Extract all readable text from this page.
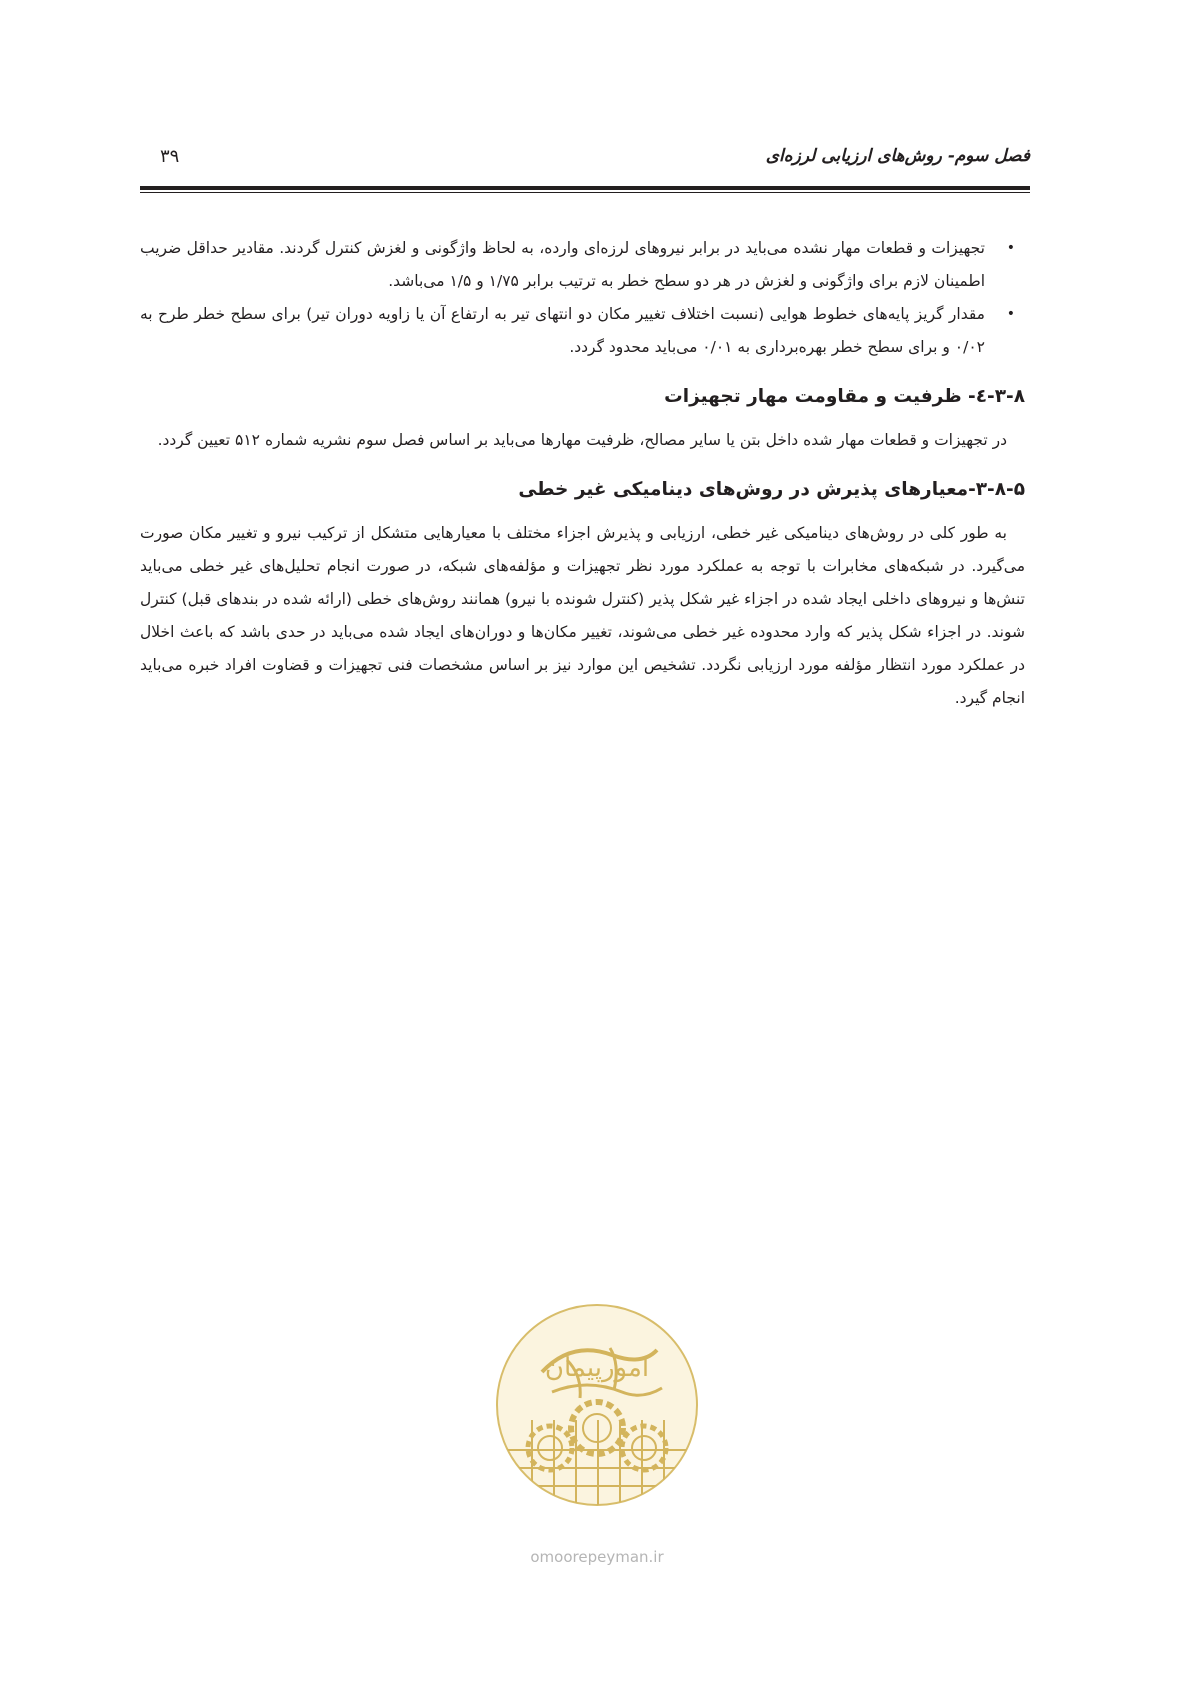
فصل سوم- روش‌های ارزیابی لرزه‌ای
۳۹
•
تجهیزات و قطعات مهار نشده می‌باید در برابر نیروهای لرزه‌ای وارده، به لحاظ واژگونی و لغزش کنترل گردند. مقادیر حداقل ضریب اطمینان لازم برای واژگونی و لغزش در هر دو سطح خطر به ترتیب برابر ۱/۷۵ و ۱/۵ می‌باشد.
•
مقدار گریز پایه‌های خطوط هوایی (نسبت اختلاف تغییر مکان دو انتهای تیر به ارتفاع آن یا زاویه دوران تیر) برای سطح خطر طرح به ۰/۰۲ و برای سطح خطر بهره‌برداری به ۰/۰۱ می‌باید محدود گردد.
۳-۸-٤- ظرفیت و مقاومت مهار تجهیزات

در تجهیزات و قطعات مهار شده داخل بتن یا سایر مصالح، ظرفیت مهارها می‌باید بر اساس فصل سوم نشریه شماره ۵۱۲ تعیین گردد.

۳-۸-۵-معیارهای پذیرش در روش‌های دینامیکی غیر خطی

به طور کلی در روش‌های دینامیکی غیر خطی، ارزیابی و پذیرش اجزاء مختلف با معیارهایی متشکل از ترکیب نیرو و تغییر مکان صورت می‌گیرد. در شبکه‌های مخابرات با توجه به عملکرد مورد نظر تجهیزات و مؤلفه‌های شبکه، در صورت انجام تحلیل‌های غیر خطی می‌باید تنش‌ها و نیروهای داخلی ایجاد شده در اجزاء غیر شکل پذیر (کنترل شونده با نیرو) همانند روش‌های خطی (ارائه شده در بندهای قبل) کنترل شوند. در اجزاء شکل پذیر که وارد محدوده غیر خطی می‌شوند، تغییر مکان‌ها و دوران‌های ایجاد شده می‌باید در حدی باشد که باعث اخلال در عملکرد مورد انتظار مؤلفه مورد ارزیابی نگردد. تشخیص این موارد نیز بر اساس مشخصات فنی تجهیزات و قضاوت افراد خبره می‌باید انجام گیرد.

امورپیمان
omoorepeyman.ir
